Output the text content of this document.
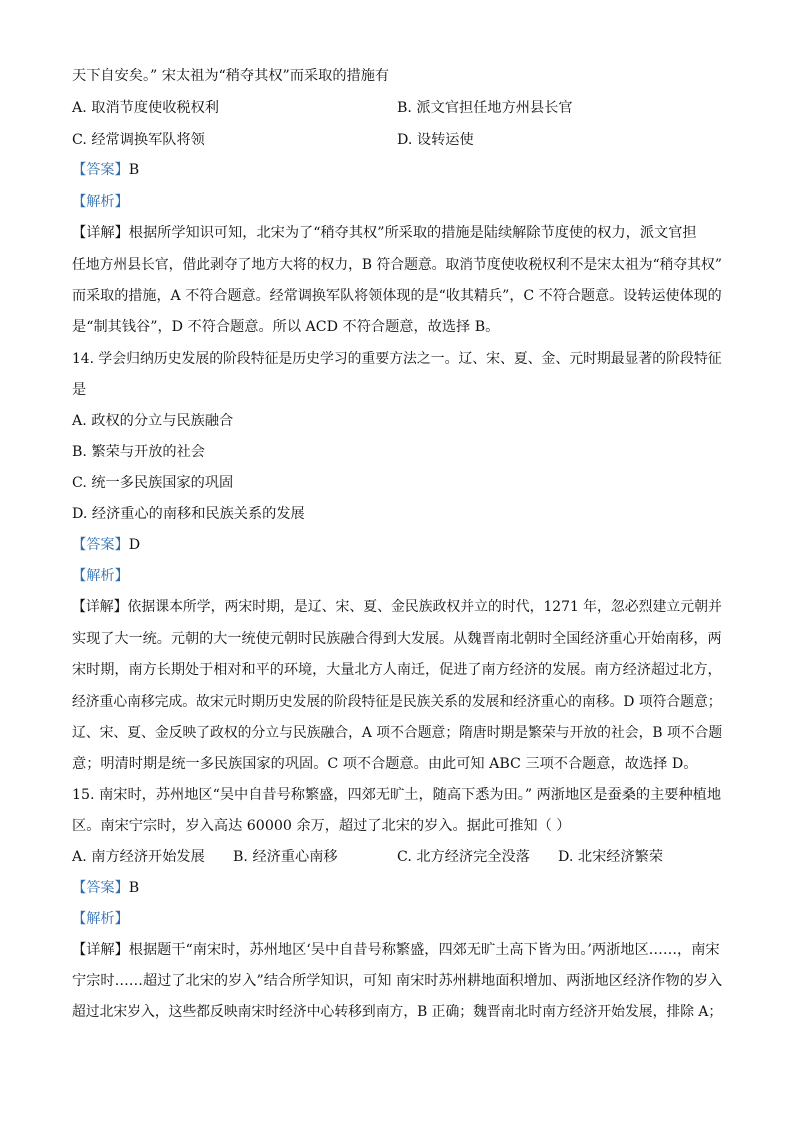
天下自安矣。” 宋太祖为“稍夺其权”而采取的措施有
A. 取消节度使收税权利	B. 派文官担任地方州县长官
C. 经常调换军队将领	D. 设转运使
【答案】B
【解析】
【详解】根据所学知识可知，北宋为了“稍夺其权”所采取的措施是陆续解除节度使的权力，派文官担
任地方州县长官，借此剥夺了地方大将的权力，B 符合题意。取消节度使收税权利不是宋太祖为“稍夺其权”
而采取的措施，A 不符合题意。经常调换军队将领体现的是“收其精兵”，C 不符合题意。设转运使体现的
是“制其钱谷”，D 不符合题意。所以 ACD 不符合题意，故选择 B。
14. 学会归纳历史发展的阶段特征是历史学习的重要方法之一。辽、宋、夏、金、元时期最显著的阶段特征
是
A. 政权的分立与民族融合
B. 繁荣与开放的社会
C. 统一多民族国家的巩固
D. 经济重心的南移和民族关系的发展
【答案】D
【解析】
【详解】依据课本所学，两宋时期，是辽、宋、夏、金民族政权并立的时代，1271 年，忽必烈建立元朝并
实现了大一统。元朝的大一统使元朝时民族融合得到大发展。从魏晋南北朝时全国经济重心开始南移，两
宋时期，南方长期处于相对和平的环境，大量北方人南迁，促进了南方经济的发展。南方经济超过北方，
经济重心南移完成。故宋元时期历史发展的阶段特征是民族关系的发展和经济重心的南移。D 项符合题意；
辽、宋、夏、金反映了政权的分立与民族融合，A 项不合题意；隋唐时期是繁荣与开放的社会，B 项不合题
意；明清时期是统一多民族国家的巩固。C 项不合题意。由此可知 ABC 三项不合题意，故选择 D。
15. 南宋时，苏州地区“吴中自昔号称繁盛，四郊无旷土，随高下悉为田。” 两浙地区是蚕桑的主要种植地
区。南宋宁宗时，岁入高达 60000 余万，超过了北宋的岁入。据此可推知（ ）
A. 南方经济开始发展 B. 经济重心南移	C. 北方经济完全没落 D. 北宋经济繁荣
【答案】B
【解析】
【详解】根据题干“南宋时，苏州地区‘吴中自昔号称繁盛，四郊无旷土高下皆为田。’两浙地区……，南宋
宁宗时……超过了北宋的岁入”结合所学知识，可知 南宋时苏州耕地面积增加、两浙地区经济作物的岁入
超过北宋岁入，这些都反映南宋时经济中心转移到南方，B 正确；魏晋南北时南方经济开始发展，排除 A；
